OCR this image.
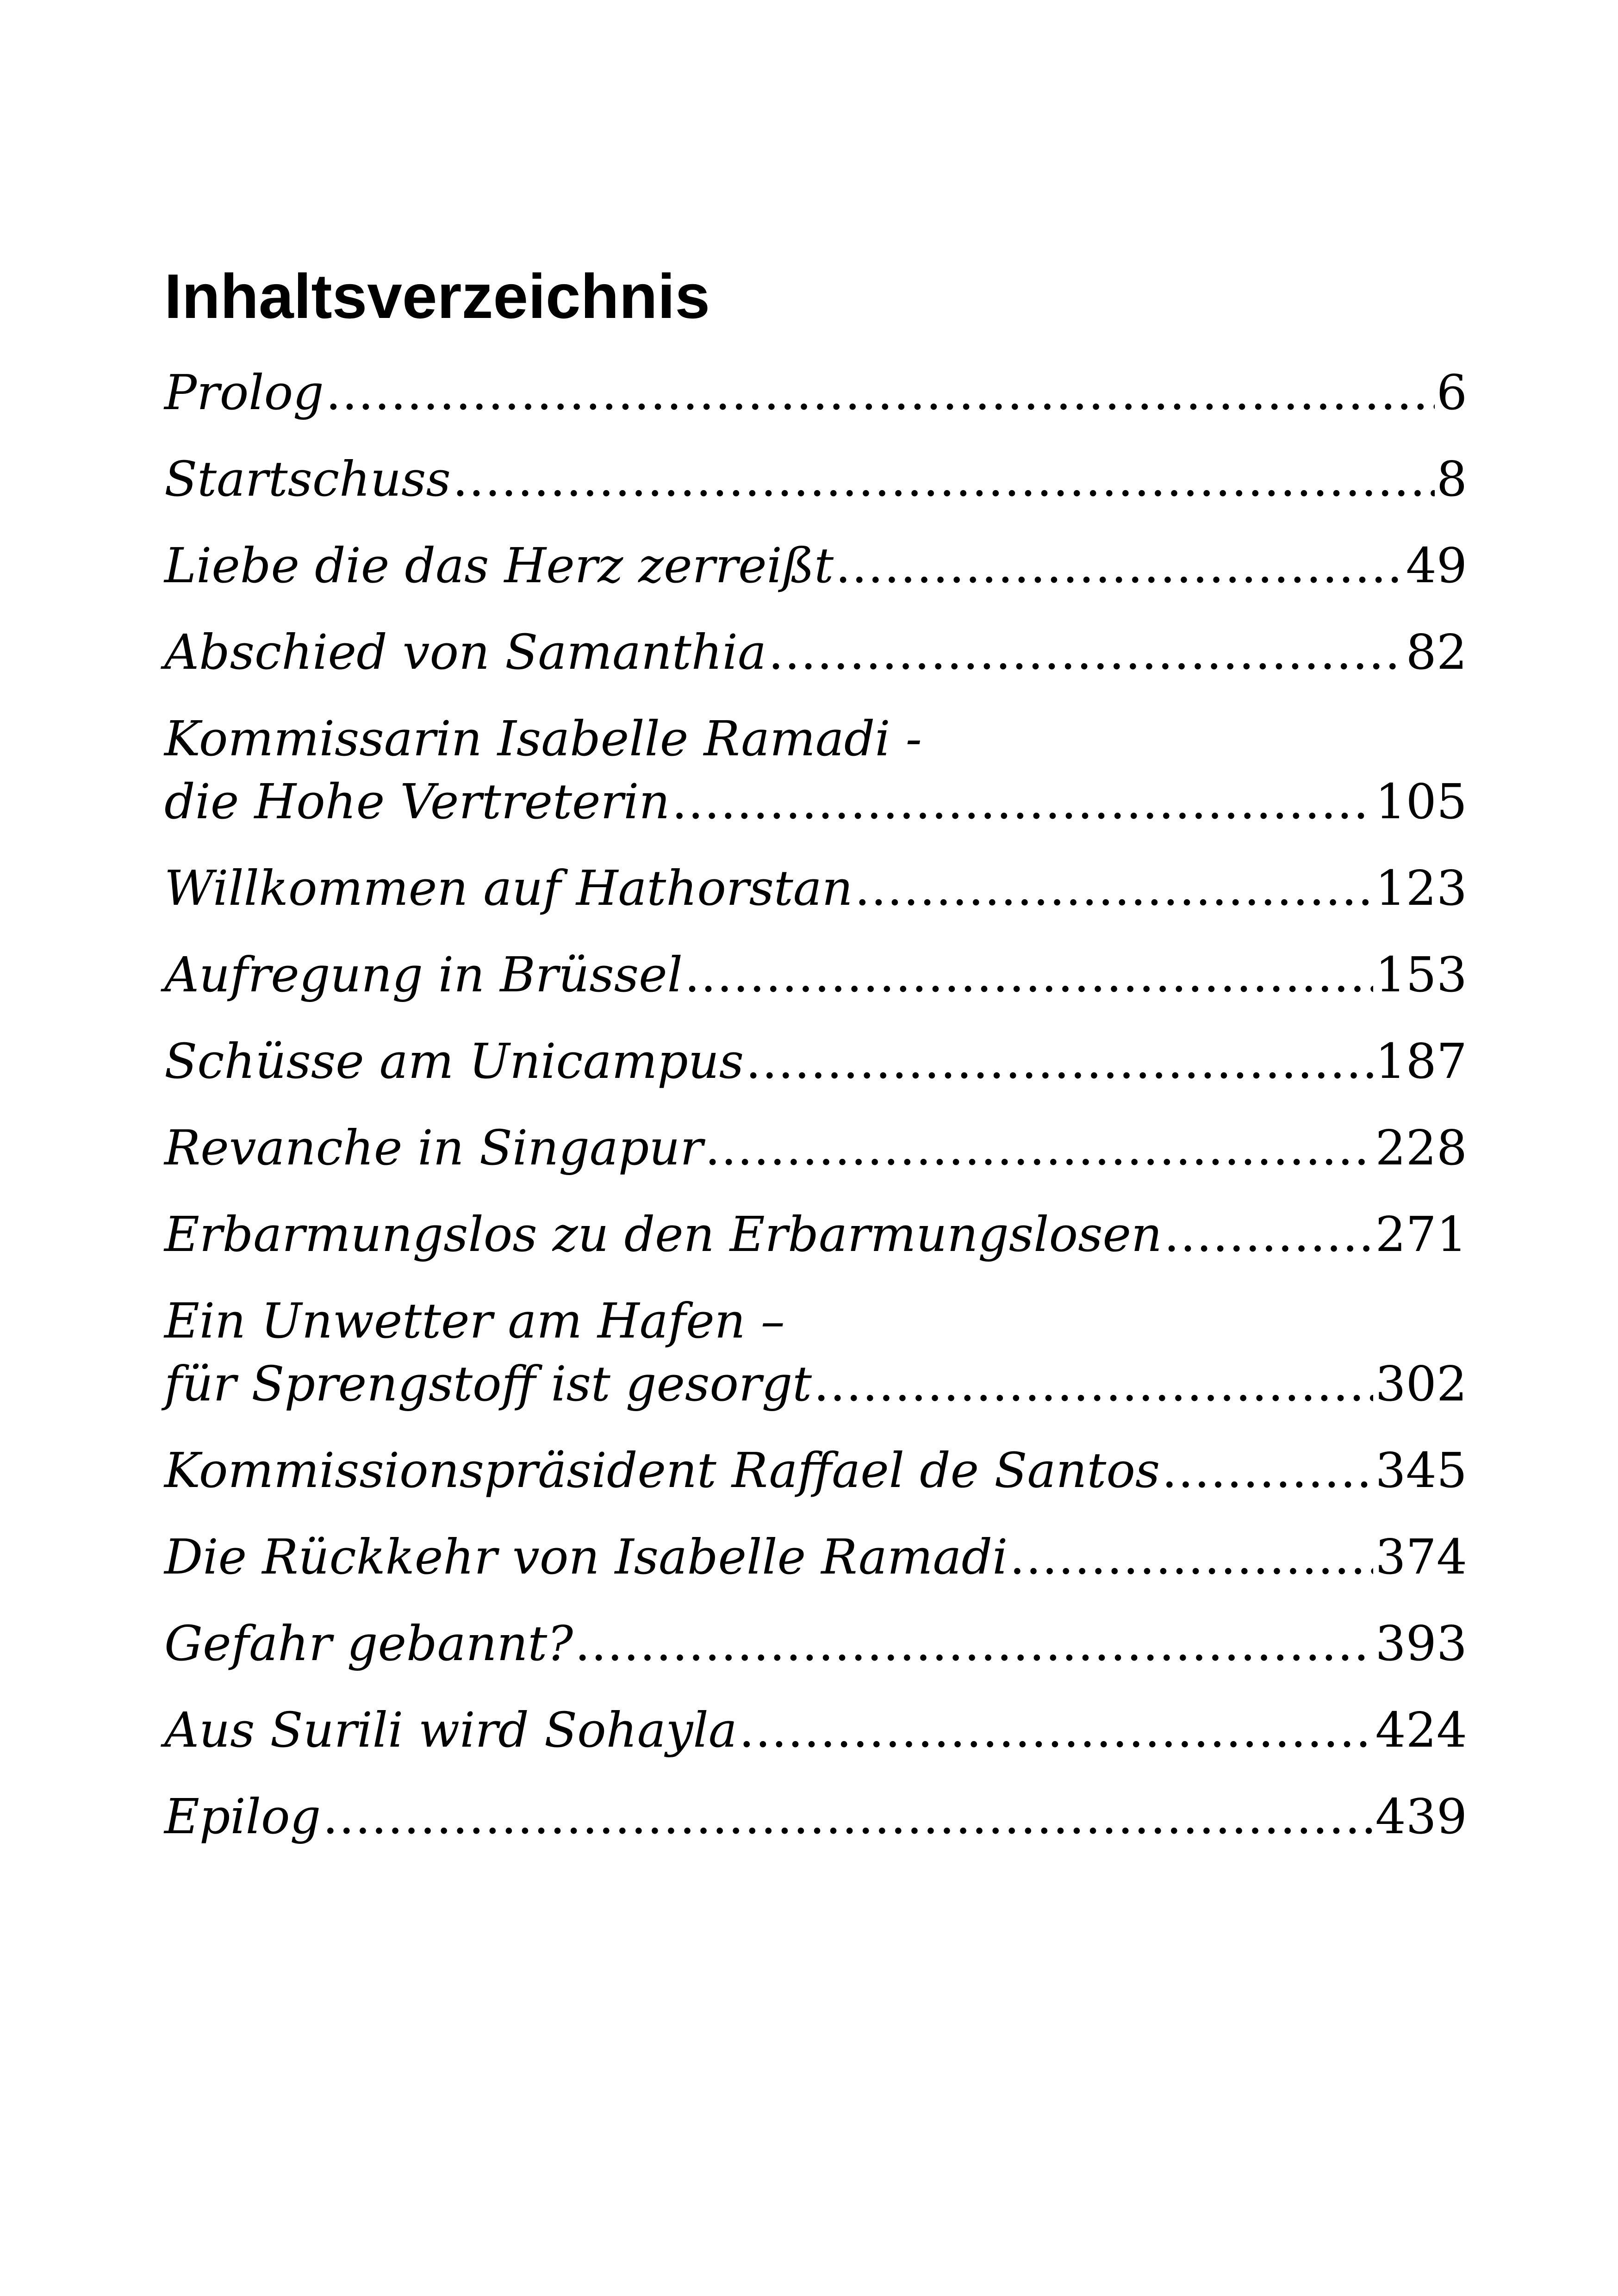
Inhaltsverzeichnis
Prolog .....	6
Startschuss .....	8
Liebe die das Herz zerreißt .....	49
Abschied von Samanthia .....	82
Kommissarin Isabelle Ramadi -
die Hohe Vertreterin .....	105
Willkommen auf Hathorstan .....	123
Aufregung in Brüssel .....	153
Schüsse am Unicampus .....	187
Revanche in Singapur .....	228
Erbarmungslos zu den Erbarmungslosen .....	271
Ein Unwetter am Hafen –
für Sprengstoff ist gesorgt .....	302
Kommissionspräsident Raffael de Santos .....	345
Die Rückkehr von Isabelle Ramadi .....	374
Gefahr gebannt? .....	393
Aus Surili wird Sohayla .....	424
Epilog .....	439
